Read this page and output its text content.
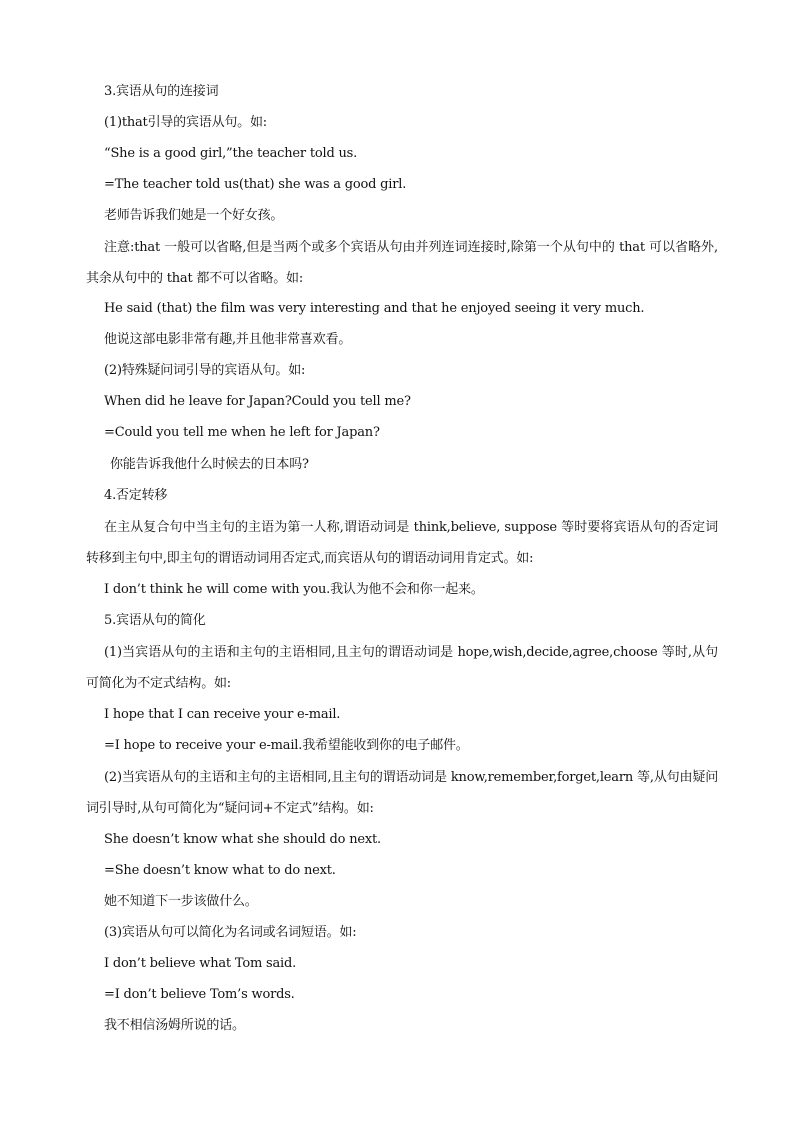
3.宾语从句的连接词
(1)that引导的宾语从句。如:
“She is a good girl,”the teacher told us.
=The teacher told us(that) she was a good girl.
老师告诉我们她是一个好女孩。
注意:that 一般可以省略,但是当两个或多个宾语从句由并列连词连接时,除第一个从句中的 that 可以省略外,其余从句中的 that 都不可以省略。如:
He said (that) the film was very interesting and that he enjoyed seeing it very much.
他说这部电影非常有趣,并且他非常喜欢看。
(2)特殊疑问词引导的宾语从句。如:
When did he leave for Japan?Could you tell me?
=Could you tell me when he left for Japan?
你能告诉我他什么时候去的日本吗?
4.否定转移
在主从复合句中当主句的主语为第一人称,谓语动词是 think,believe, suppose 等时要将宾语从句的否定词转移到主句中,即主句的谓语动词用否定式,而宾语从句的谓语动词用肯定式。如:
I don’t think he will come with you.我认为他不会和你一起来。
5.宾语从句的简化
(1)当宾语从句的主语和主句的主语相同,且主句的谓语动词是 hope,wish,decide,agree,choose 等时,从句可简化为不定式结构。如:
I hope that I can receive your e-mail.
=I hope to receive your e-mail.我希望能收到你的电子邮件。
(2)当宾语从句的主语和主句的主语相同,且主句的谓语动词是 know,remember,forget,learn 等,从句由疑问词引导时,从句可简化为“疑问词+不定式”结构。如:
She doesn’t know what she should do next.
=She doesn’t know what to do next.
她不知道下一步该做什么。
(3)宾语从句可以简化为名词或名词短语。如:
I don’t believe what Tom said.
=I don’t believe Tom’s words.
我不相信汤姆所说的话。
